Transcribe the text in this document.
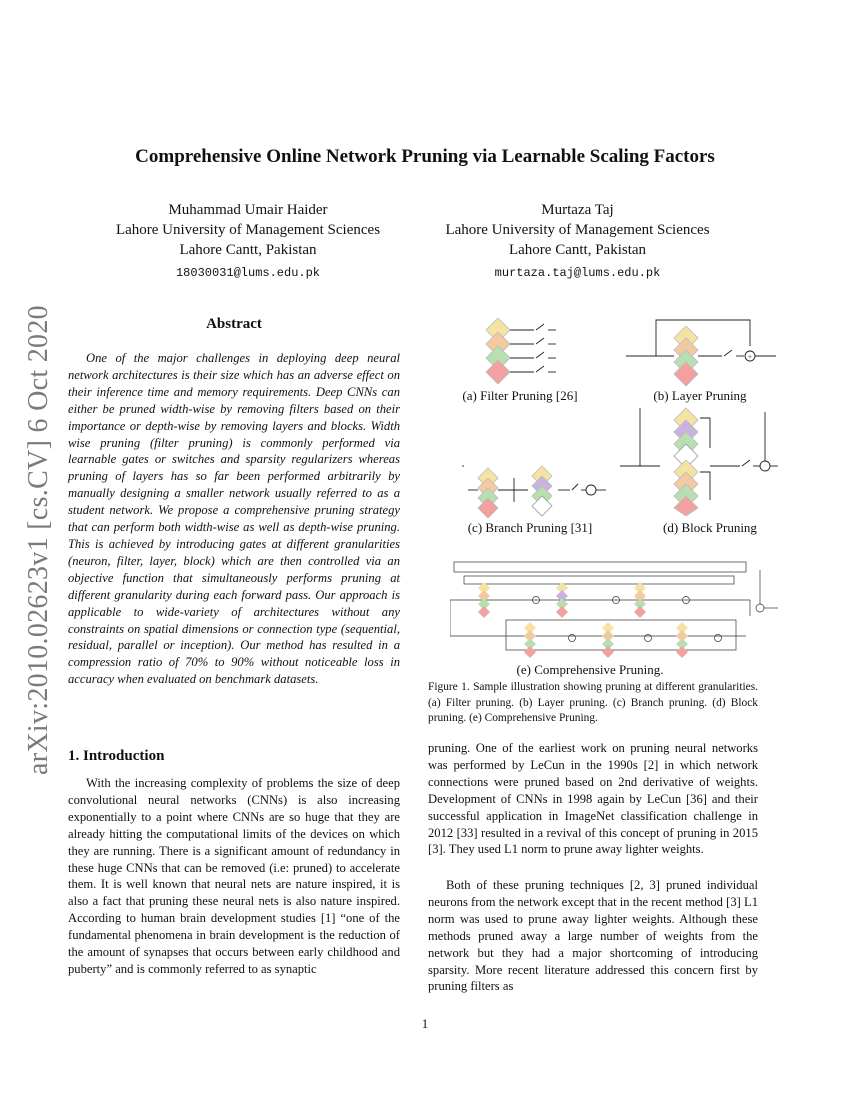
arXiv:2010.02623v1 [cs.CV] 6 Oct 2020
Comprehensive Online Network Pruning via Learnable Scaling Factors
Muhammad Umair Haider
Lahore University of Management Sciences
Lahore Cantt, Pakistan
18030031@lums.edu.pk
Murtaza Taj
Lahore University of Management Sciences
Lahore Cantt, Pakistan
murtaza.taj@lums.edu.pk
Abstract
One of the major challenges in deploying deep neural network architectures is their size which has an adverse effect on their inference time and memory requirements. Deep CNNs can either be pruned width-wise by removing filters based on their importance or depth-wise by removing layers and blocks. Width wise pruning (filter pruning) is commonly performed via learnable gates or switches and sparsity regularizers whereas pruning of layers has so far been performed arbitrarily by manually designing a smaller network usually referred to as a student network. We propose a comprehensive pruning strategy that can perform both width-wise as well as depth-wise pruning. This is achieved by introducing gates at different granularities (neuron, filter, layer, block) which are then controlled via an objective function that simultaneously performs pruning at different granularity during each forward pass. Our approach is applicable to wide-variety of architectures without any constraints on spatial dimensions or connection type (sequential, residual, parallel or inception). Our method has resulted in a compression ratio of 70% to 90% without noticeable loss in accuracy when evaluated on benchmark datasets.
1. Introduction
With the increasing complexity of problems the size of deep convolutional neural networks (CNNs) is also increasing exponentially to a point where CNNs are so huge that they are already hitting the computational limits of the devices on which they are running. There is a significant amount of redundancy in these huge CNNs that can be removed (i.e: pruned) to accelerate them. It is well known that neural nets are nature inspired, it is also a fact that pruning these neural nets is also nature inspired. According to human brain development studies [1] “one of the fundamental phenomena in brain development is the reduction of the amount of synapses that occurs between early childhood and puberty” and is commonly referred to as synaptic
(a) Filter Pruning [26]
+
(b) Layer Pruning
(c) Branch Pruning [31]	(d) Block Pruning
(e) Comprehensive Pruning.
Figure 1. Sample illustration showing pruning at different granularities. (a) Filter pruning. (b) Layer pruning. (c) Branch pruning. (d) Block pruning. (e) Comprehensive Pruning.
pruning. One of the earliest work on pruning neural networks was performed by LeCun in the 1990s [2] in which network connections were pruned based on 2nd derivative of weights. Development of CNNs in 1998 again by LeCun [36] and their successful application in ImageNet classification challenge in 2012 [33] resulted in a revival of this concept of pruning in 2015 [3]. They used L1 norm to prune away lighter weights.
Both of these pruning techniques [2, 3] pruned individual neurons from the network except that in the recent method [3] L1 norm was used to prune away lighter weights. Although these methods pruned away a large number of weights from the network but they had a major shortcoming of introducing sparsity. More recent literature addressed this concern first by pruning filters as
1
